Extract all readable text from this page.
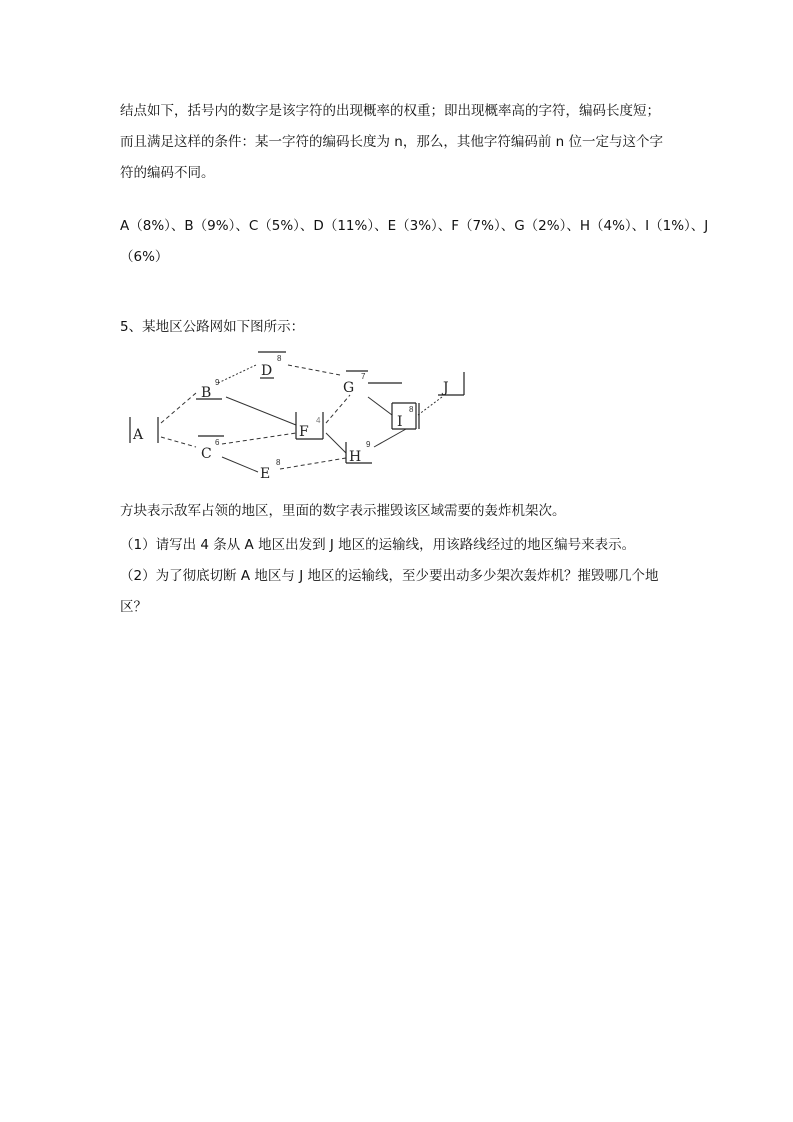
结点如下，括号内的数字是该字符的出现概率的权重；即出现概率高的字符，编码长度短；
而且满足这样的条件：某一字符的编码长度为 n，那么，其他字符编码前 n 位一定与这个字
符的编码不同。
A（8%）、B（9%）、C（5%）、D（11%）、E（3%）、F（7%）、G（2%）、H（4%）、I（1%）、J
（6%）
5、某地区公路网如下图所示：
A
B
9
C
6
D
8
E
8
F
4
G
7
H
9
I
8
J
方块表示敌军占领的地区，里面的数字表示摧毁该区域需要的轰炸机架次。
（1）请写出 4 条从 A 地区出发到 J 地区的运输线，用该路线经过的地区编号来表示。
（2）为了彻底切断 A 地区与 J 地区的运输线，至少要出动多少架次轰炸机？摧毁哪几个地
区？
